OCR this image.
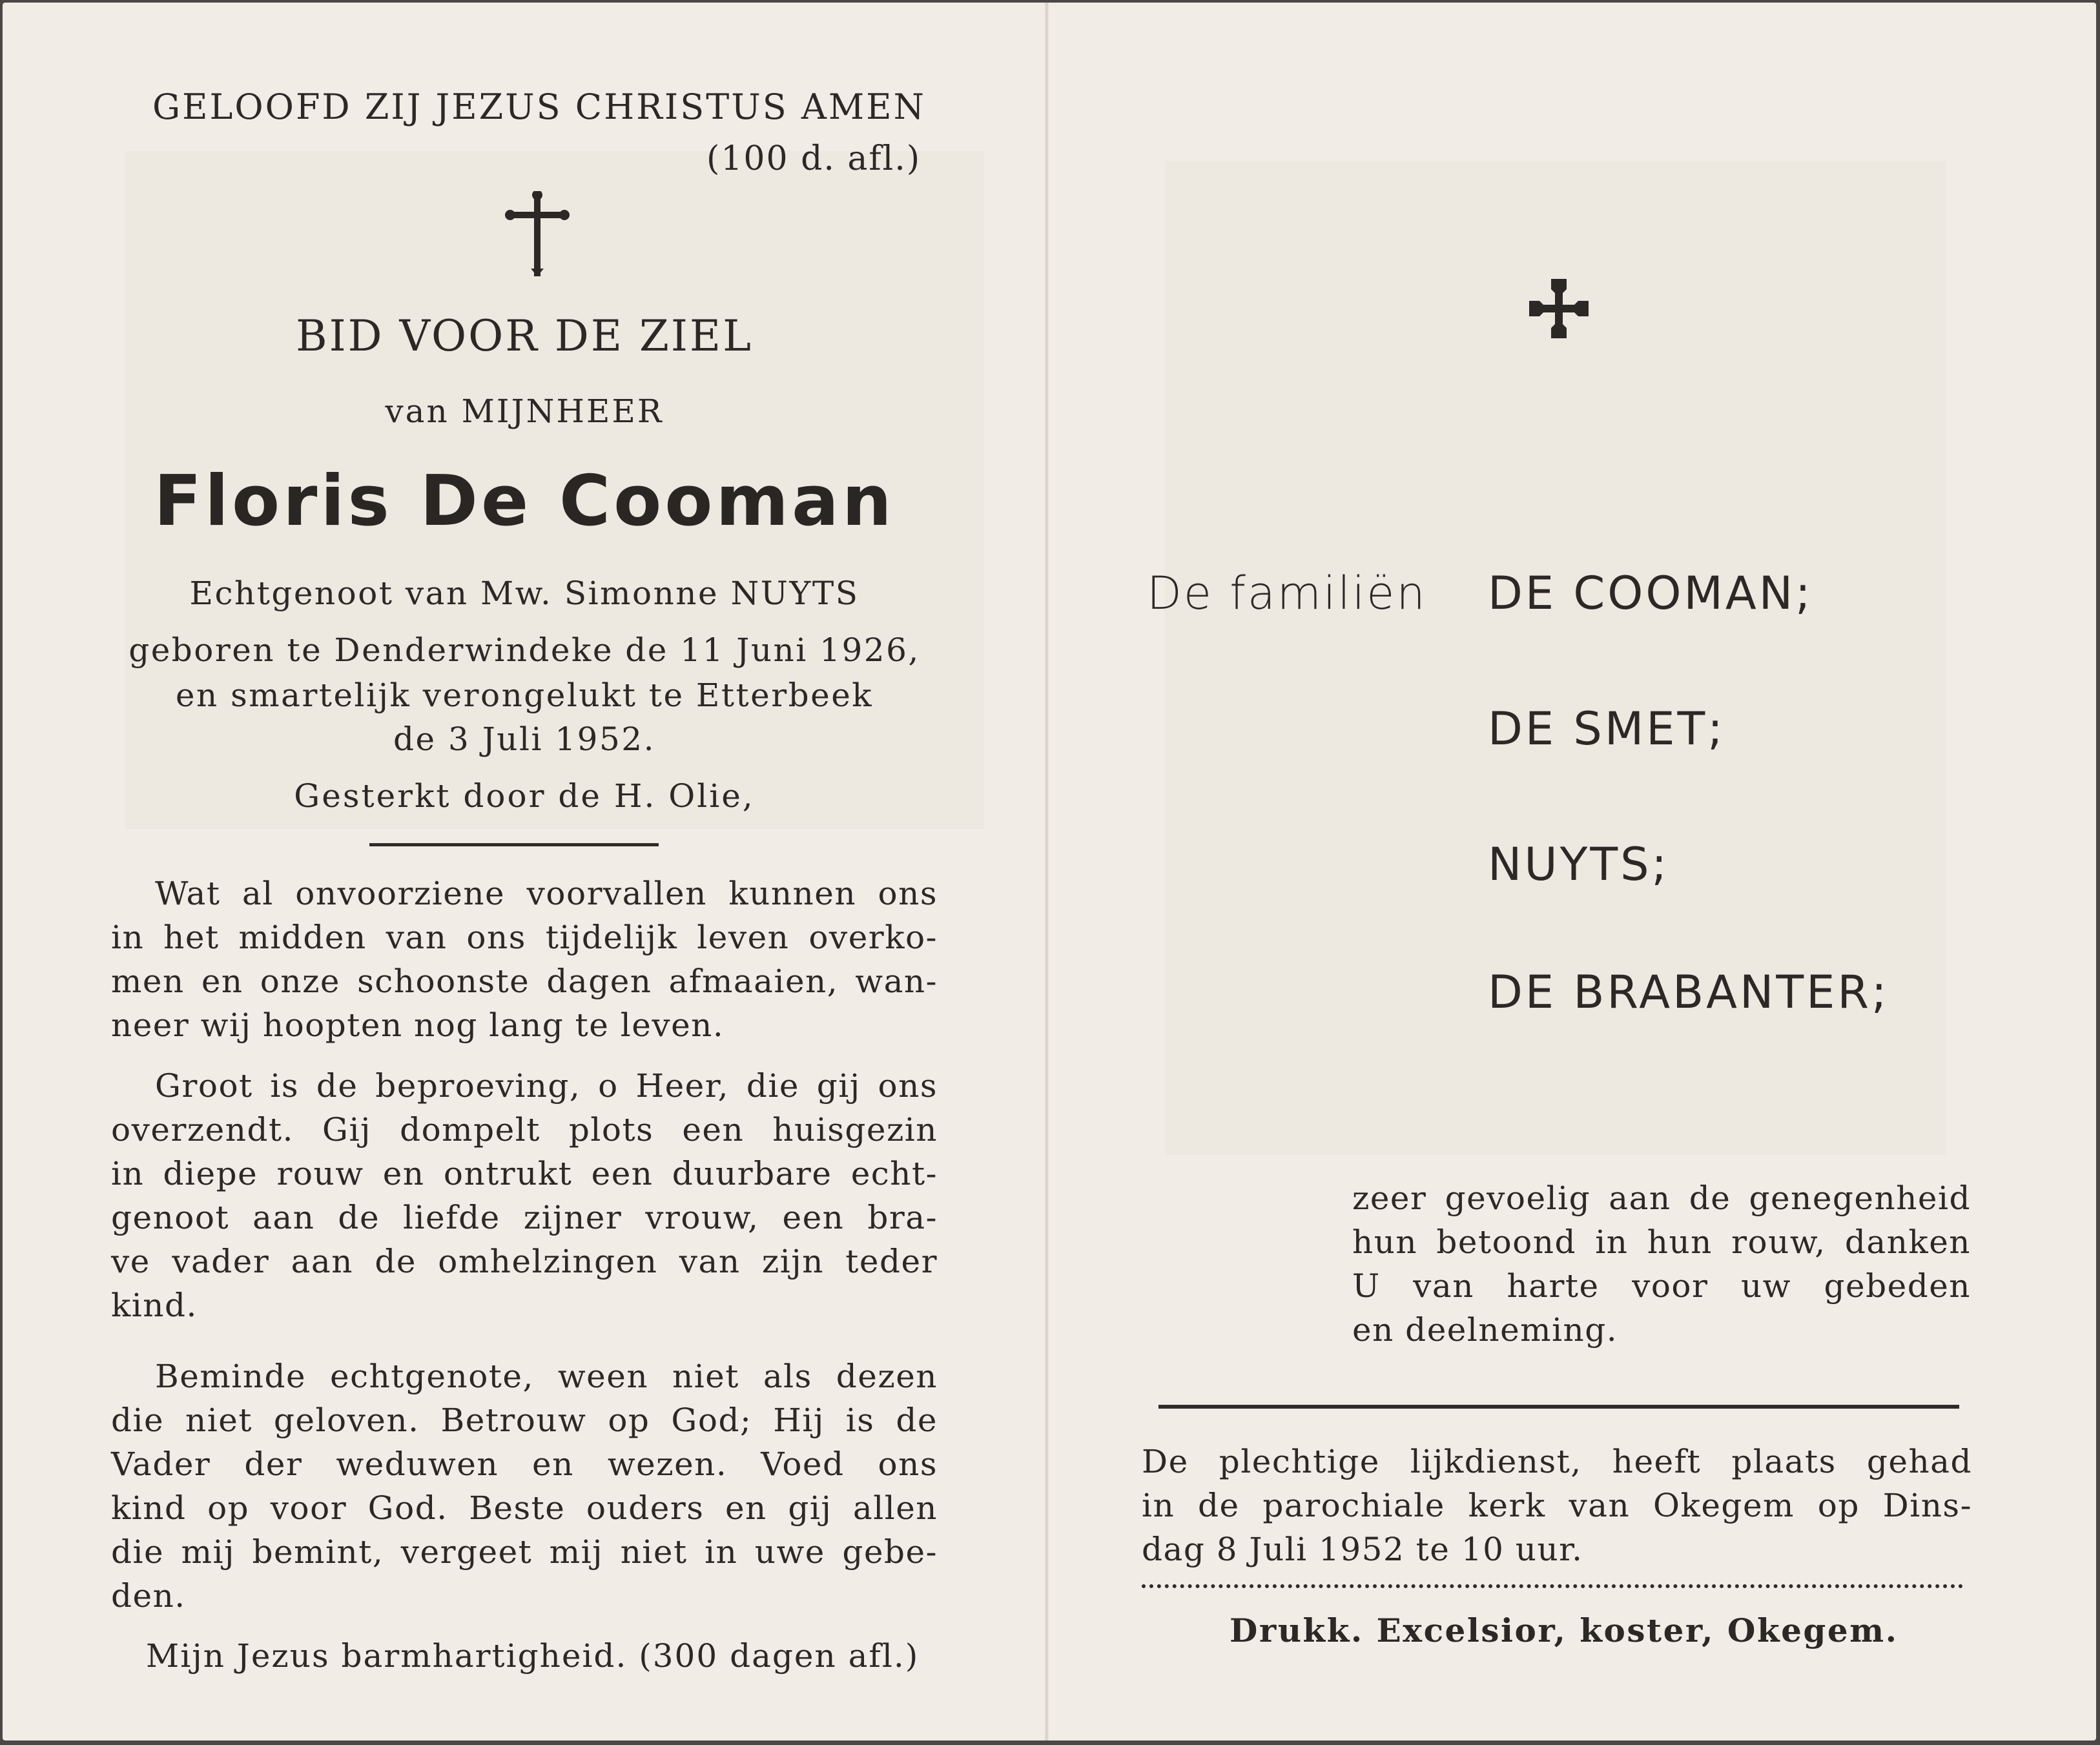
GELOOFD ZIJ JEZUS CHRISTUS AMEN
(100 d. afl.)
BID VOOR DE ZIEL
van MIJNHEER
Floris De Cooman
Echtgenoot van Mw. Simonne NUYTS
geboren te Denderwindeke de 11 Juni 1926,
en smartelijk verongelukt te Etterbeek
de 3 Juli 1952.
Gesterkt door de H. Olie,

Wat al onvoorziene voorvallen kunnen ons

in het midden van ons tijdelijk leven overko-

men en onze schoonste dagen afmaaien, wan-

neer wij hoopten nog lang te leven.

Groot is de beproeving, o Heer, die gij ons

overzendt. Gij dompelt plots een huisgezin

in diepe rouw en ontrukt een duurbare echt-

genoot aan de liefde zijner vrouw, een bra-

ve vader aan de omhelzingen van zijn teder

kind.

Beminde echtgenote, ween niet als dezen

die niet geloven. Betrouw op God; Hij is de

Vader der weduwen en wezen. Voed ons

kind op voor God. Beste ouders en gij allen

die mij bemint, vergeet mij niet in uwe gebe-

den.

Mijn Jezus barmhartigheid. (300 dagen afl.)
De familiën DE COOMAN;
DE SMET;
NUYTS;
DE BRABANTER;

zeer gevoelig aan de genegenheid

hun betoond in hun rouw, danken

U van harte voor uw gebeden

en deelneming.

De plechtige lijkdienst, heeft plaats gehad

in de parochiale kerk van Okegem op Dins-

dag 8 Juli 1952 te 10 uur.

Drukk. Excelsior, koster, Okegem.
